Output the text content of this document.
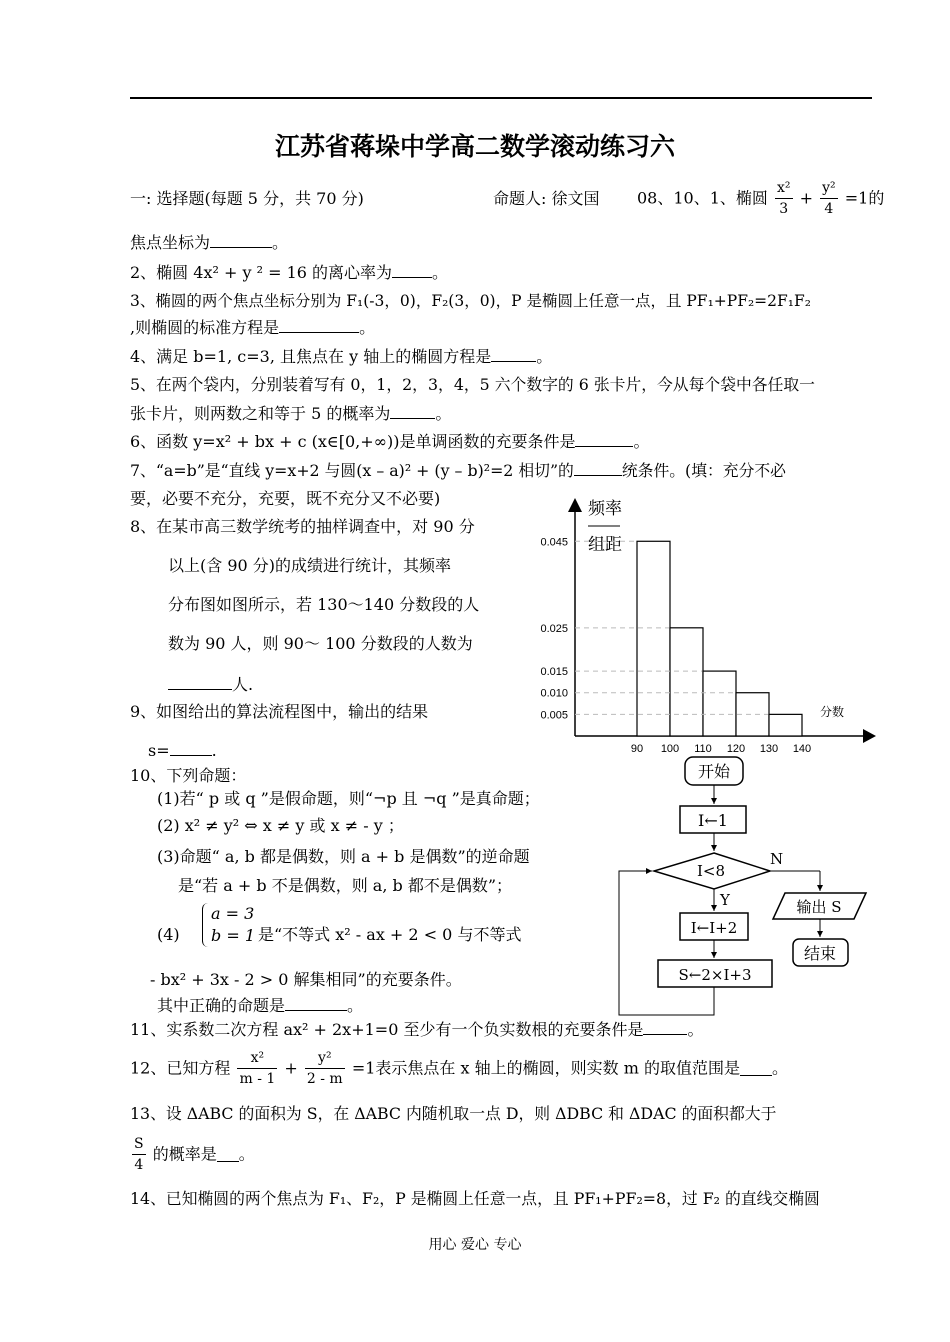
江苏省蒋垛中学高二数学滚动练习六
一: 选择题(每题 5 分，共 70 分)	命题人: 徐文国 08、10、1、椭圆 $\frac{\text{x²}}{3} + \frac{\text{y²}}{4} =1$的
焦点坐标为	。
2、椭圆 4x² + y ² = 16 的离心率为	。
3、椭圆的两个焦点坐标分别为 F₁(-3，0)，F₂(3，0)，P 是椭圆上任意一点，且 PF₁+PF₂=2F₁F₂
,则椭圆的标准方程是	。
4、满足 b=1, c=3, 且焦点在 y 轴上的椭圆方程是	。
5、在两个袋内，分别装着写有 0，1，2，3，4，5 六个数字的 6 张卡片，今从每个袋中各任取一
张卡片，则两数之和等于 5 的概率为	。
6、函数 y=x² + bx + c (x∈[0,+∞))是单调函数的充要条件是	。
7、“a=b”是“直线 y=x+2 与圆(x – a)² + (y – b)²=2 相切”的	统条件。(填：充分不必
要，必要不充分，充要，既不充分又不必要)
8、在某市高三数学统考的抽样调查中，对 90 分
以上(含 90 分)的成绩进行统计，其频率
分布图如图所示，若 130～140 分数段的人
数为 90 人，则 90～ 100 分数段的人数为
人.
9、如图给出的算法流程图中，输出的结果
s=	.
10、下列命题：
(1)若“ p 或 q ”是假命题，则“¬p 且 ¬q ”是真命题；
(2) x² ≠ y² ⇔ x ≠ y 或 x ≠ - y ；
(3)命题“ a, b 都是偶数，则 a + b 是偶数”的逆命题
是“若 a + b 不是偶数，则 a, b 都不是偶数”；
(4)
a = 3
b = 1 是“不等式 x² - ax + 2 < 0 与不等式
- bx² + 3x - 2 > 0 解集相同”的充要条件。
其中正确的命题是	。
11、实系数二次方程 ax² + 2x+1=0 至少有一个负实数根的充要条件是	。
12、已知方程 $\frac{\text{x²}}{m - 1} + \frac{\text{y²}}{2 - m} =1$表示焦点在 x 轴上的椭圆，则实数 m 的取值范围是 。
13、设 ΔABC 的面积为 S，在 ΔABC 内随机取一点 D，则 ΔDBC 和 ΔDAC 的面积都大于
$\frac{S}{4}$ 的概率是 。
14、已知椭圆的两个焦点为 F₁、F₂，P 是椭圆上任意一点，且 PF₁+PF₂=8，过 F₂ 的直线交椭圆
用心 爱心 专心
频率
组距
分数
0.045
0.025
0.015
0.010
0.005
90 100 110 120 130 140
开始
I←1
I<8
N
输出 S
结束
Y
I←I+2
S←2×I+3
